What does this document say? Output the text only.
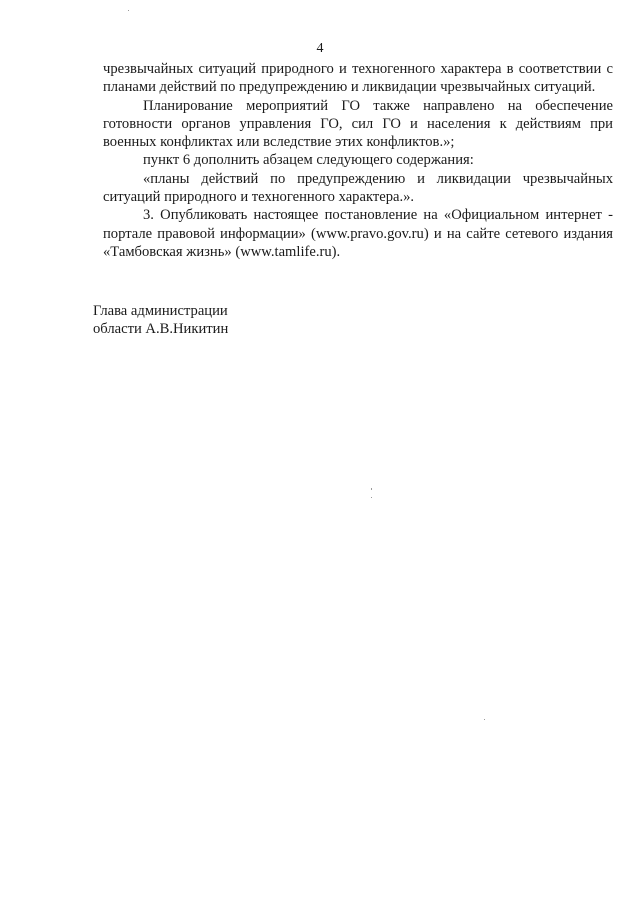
4

чрезвычайных ситуаций природного и техногенного характера в соответствии с планами действий по предупреждению и ликвидации чрезвычайных ситуаций.

Планирование мероприятий ГО также направлено на обеспечение готовности органов управления ГО, сил ГО и населения к действиям при военных конфликтах или вследствие этих конфликтов.»;

пункт 6 дополнить абзацем следующего содержания:

«планы действий по предупреждению и ликвидации чрезвычайных ситуаций природного и техногенного характера.».

3. Опубликовать настоящее постановление на «Официальном интернет - портале правовой информации» (www.pravo.gov.ru) и на сайте сетевого издания «Тамбовская жизнь» (www.tamlife.ru).

Глава администрации
области А.В.Никитин
